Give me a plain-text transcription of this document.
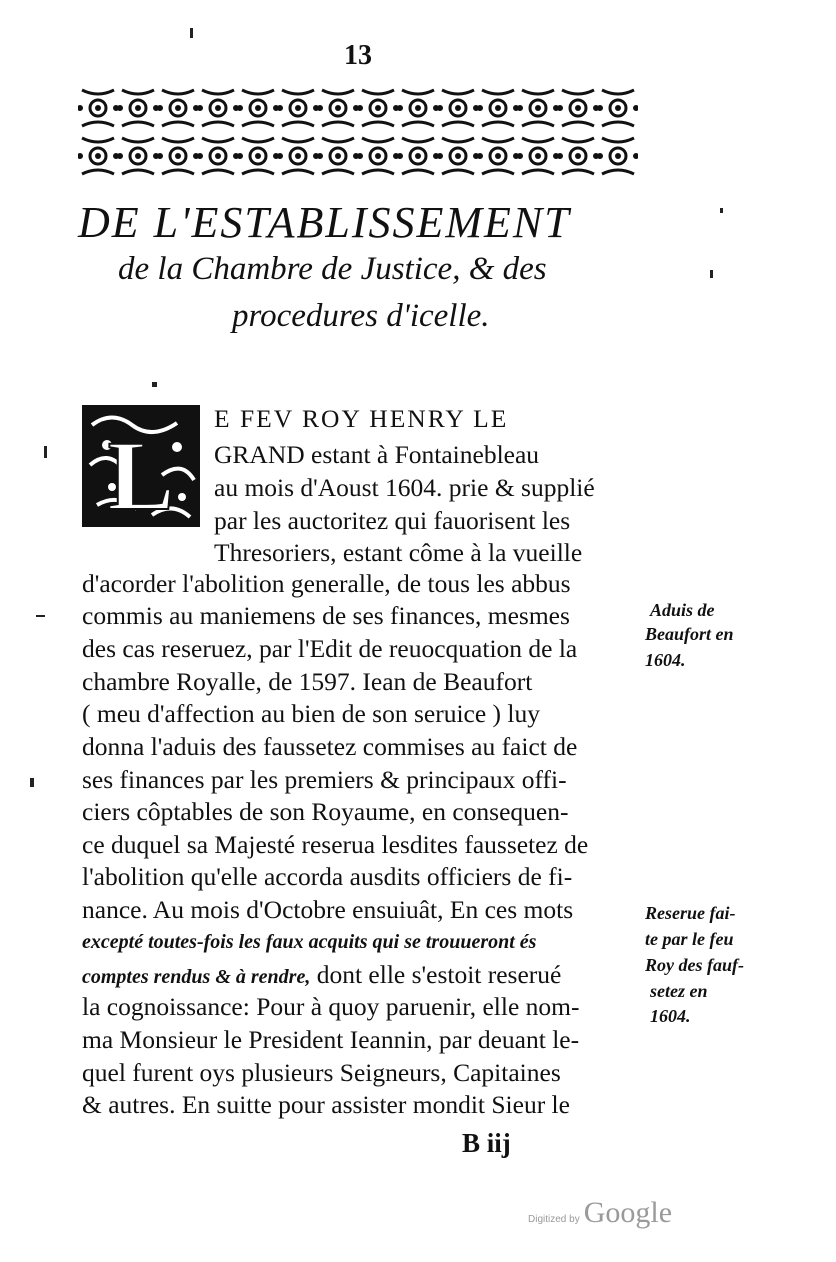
13
DE L'ESTABLISSEMENT
de la Chambre de Justice, & des
procedures d'icelle.
L
E FEV ROY HENRY LE
GRAND estant à Fontainebleau
au mois d'Aoust 1604. prie & supplié
par les auctoritez qui fauorisent les
Thresoriers, estant côme à la vueille
d'acorder l'abolition generalle, de tous les abbus
commis au maniemens de ses finances, mesmes
des cas reseruez, par l'Edit de reuocquation de la
chambre Royalle, de 1597. Iean de Beaufort
( meu d'affection au bien de son seruice ) luy
donna l'aduis des faussetez commises au faict de
ses finances par les premiers & principaux offi-
ciers côptables de son Royaume, en consequen-
ce duquel sa Majesté reserua lesdites faussetez de
l'abolition qu'elle accorda ausdits officiers de fi-
nance. Au mois d'Octobre ensuiuât, En ces mots
excepté toutes-fois les faux acquits qui se trouueront és
comptes rendus & à rendre, dont elle s'estoit reserué
la cognoissance: Pour à quoy paruenir, elle nom-
ma Monsieur le President Ieannin, par deuant le-
quel furent oys plusieurs Seigneurs, Capitaines
& autres. En suitte pour assister mondit Sieur le
Aduis de
Beaufort en
1604.
Reserue fai-
te par le feu
Roy des fauf-
setez en
1604.
B iij
Digitized by Google
